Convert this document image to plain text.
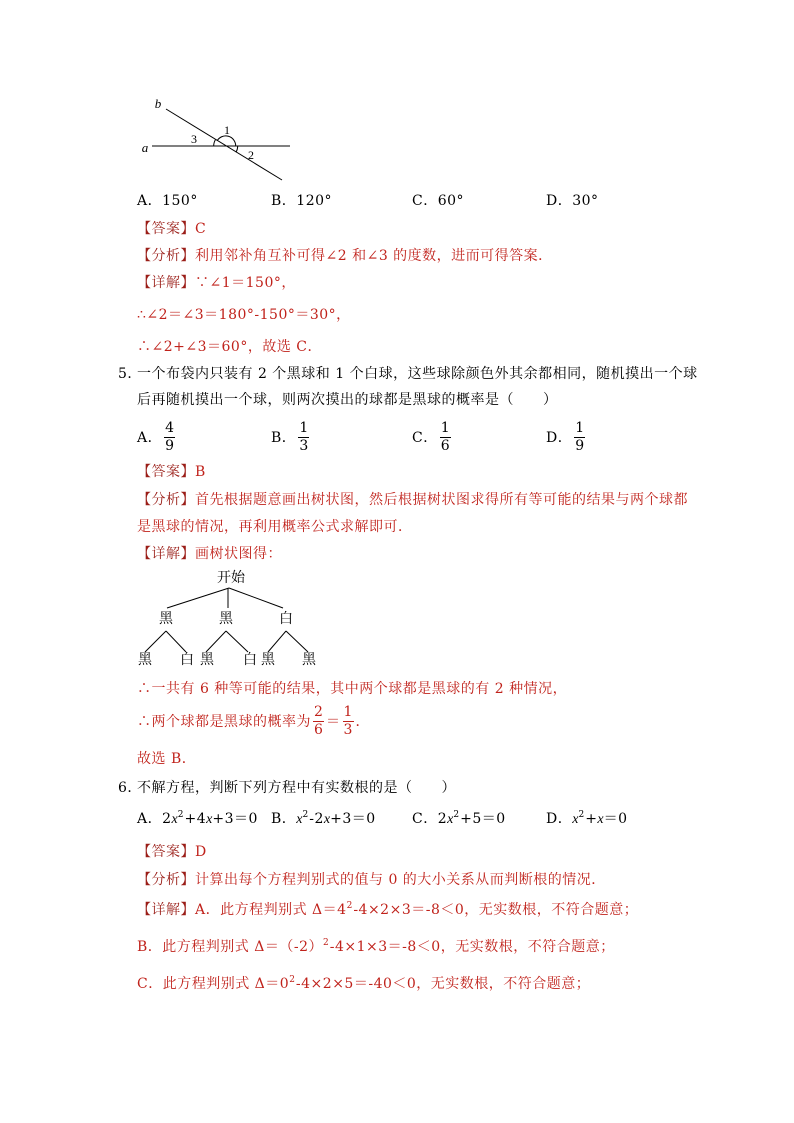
b
a
3
1
2
A．150°	B．120°	C．60°	D．30°
【答案】C
【分析】利用邻补角互补可得∠2 和∠3 的度数，进而可得答案．
【详解】∵∠1＝150°，
∴∠2＝∠3＝180°-150°＝30°，
∴∠2+∠3＝60°，故选 C．
5．
一个布袋内只装有 2 个黑球和 1 个白球，这些球除颜色外其余都相同，随机摸出一个球
后再随机摸出一个球，则两次摸出的球都是黑球的概率是（　　）
A． $\frac{4}{9}$	B． $\frac{1}{3}$	C． $\frac{1}{6}$	D． $\frac{1}{9}$
【答案】B
【分析】首先根据题意画出树状图，然后根据树状图求得所有等可能的结果与两个球都
是黑球的情况，再利用概率公式求解即可．
【详解】画树状图得：
开始
黑	黑	白
黑 白 黑 白 黑 黑
∴一共有 6 种等可能的结果，其中两个球都是黑球的有 2 种情况，
∴两个球都是黑球的概率为 $\frac{2}{6} = \frac{1}{3}$ ．
故选 B．
6．
不解方程，判断下列方程中有实数根的是（　　）
A．$2x^2+4x+3=0$ B．$x^2-2x+3=0$	C．$2x^2+5=0$	D．$x^2+x=0$
【答案】D
【分析】计算出每个方程判别式的值与 0 的大小关系从而判断根的情况．
【详解】A．此方程判别式 $\Delta=4^2-4\times 2\times 3=-8<0$，无实数根，不符合题意；
B．此方程判别式 $\Delta=(-2)^2-4\times 1\times 3=-8<0$，无实数根，不符合题意；
C．此方程判别式 $\Delta=0^2-4\times 2\times 5=-40<0$，无实数根，不符合题意；
